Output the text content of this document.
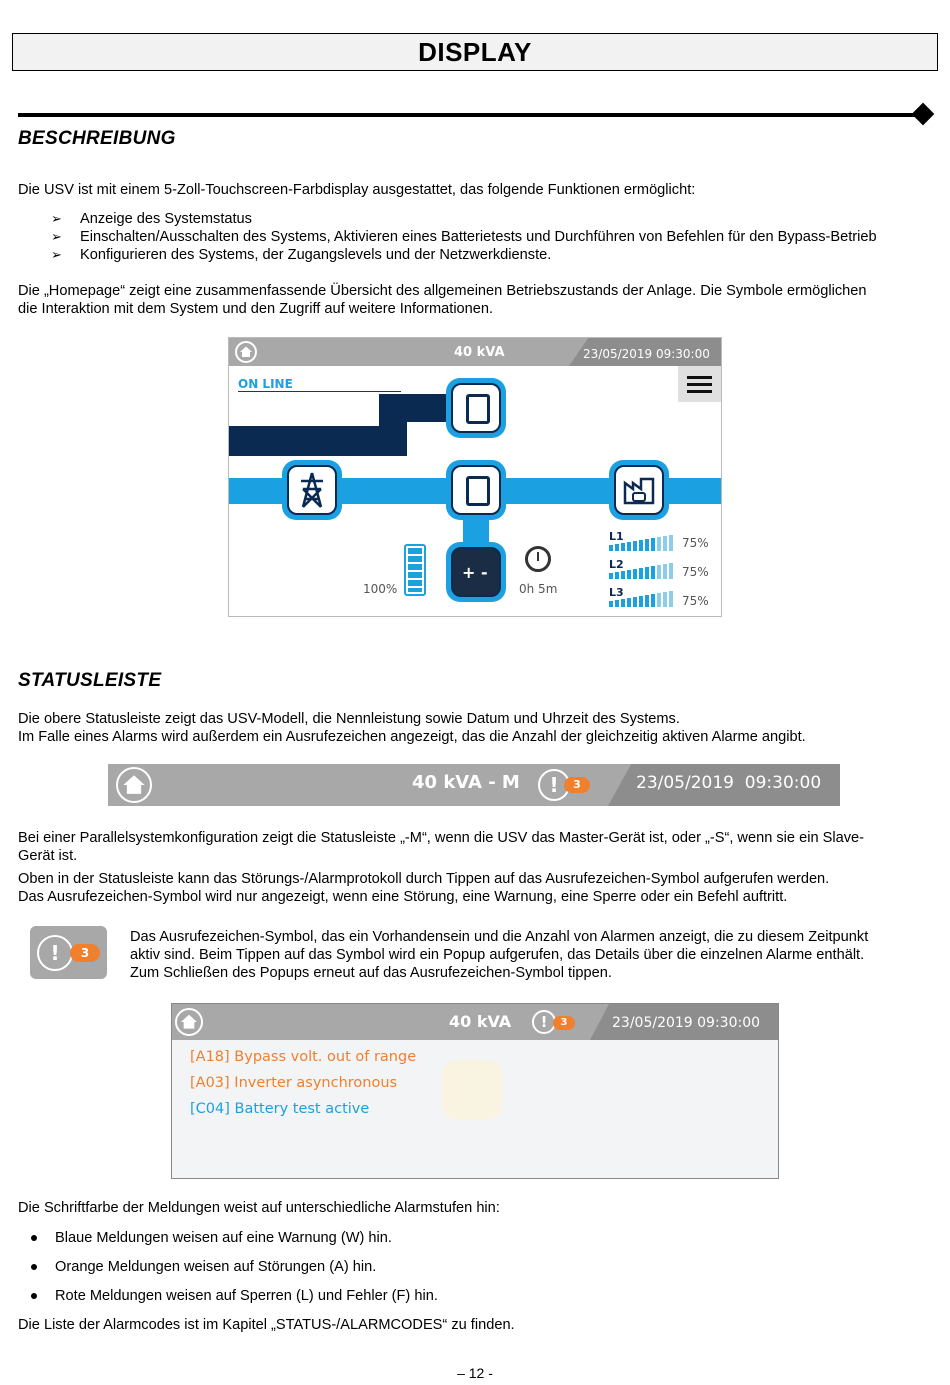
DISPLAY
BESCHREIBUNG
Die USV ist mit einem 5-Zoll-Touchscreen-Farbdisplay ausgestattet, das folgende Funktionen ermöglicht:
➢ Anzeige des Systemstatus
➢ Einschalten/Ausschalten des Systems, Aktivieren eines Batterietests und Durchführen von Befehlen für den Bypass-Betrieb
➢ Konfigurieren des Systems, der Zugangslevels und der Netzwerkdienste.
Die „Homepage“ zeigt eine zusammenfassende Übersicht des allgemeinen Betriebszustands der Anlage. Die Symbole ermöglichen
die Interaktion mit dem System und den Zugriff auf weitere Informationen.
40 kVA	23/05/2019 09:30:00
ON LINE
+ -
100%	0h 5m
L1	75%
L2
75%
L3
75%
STATUSLEISTE
Die obere Statusleiste zeigt das USV-Modell, die Nennleistung sowie Datum und Uhrzeit des Systems.
Im Falle eines Alarms wird außerdem ein Ausrufezeichen angezeigt, das die Anzahl der gleichzeitig aktiven Alarme angibt.
40 kVA - M	!	3	23/05/2019  09:30:00
Bei einer Parallelsystemkonfiguration zeigt die Statusleiste „-M“, wenn die USV das Master-Gerät ist, oder „-S“, wenn sie ein Slave-
Gerät ist.
Oben in der Statusleiste kann das Störungs-/Alarmprotokoll durch Tippen auf das Ausrufezeichen-Symbol aufgerufen werden.
Das Ausrufezeichen-Symbol wird nur angezeigt, wenn eine Störung, eine Warnung, eine Sperre oder ein Befehl auftritt.
!	3
Das Ausrufezeichen-Symbol, das ein Vorhandensein und die Anzahl von Alarmen anzeigt, die zu diesem Zeitpunkt
aktiv sind. Beim Tippen auf das Symbol wird ein Popup aufgerufen, das Details über die einzelnen Alarme enthält.
Zum Schließen des Popups erneut auf das Ausrufezeichen-Symbol tippen.
40 kVA	!	3	23/05/2019 09:30:00
[A18] Bypass volt. out of range
[A03] Inverter asynchronous
[C04] Battery test active
Die Schriftfarbe der Meldungen weist auf unterschiedliche Alarmstufen hin:
Blaue Meldungen weisen auf eine Warnung (W) hin.
Orange Meldungen weisen auf Störungen (A) hin.
Rote Meldungen weisen auf Sperren (L) und Fehler (F) hin.
Die Liste der Alarmcodes ist im Kapitel „STATUS-/ALARMCODES“ zu finden.
– 12 -
